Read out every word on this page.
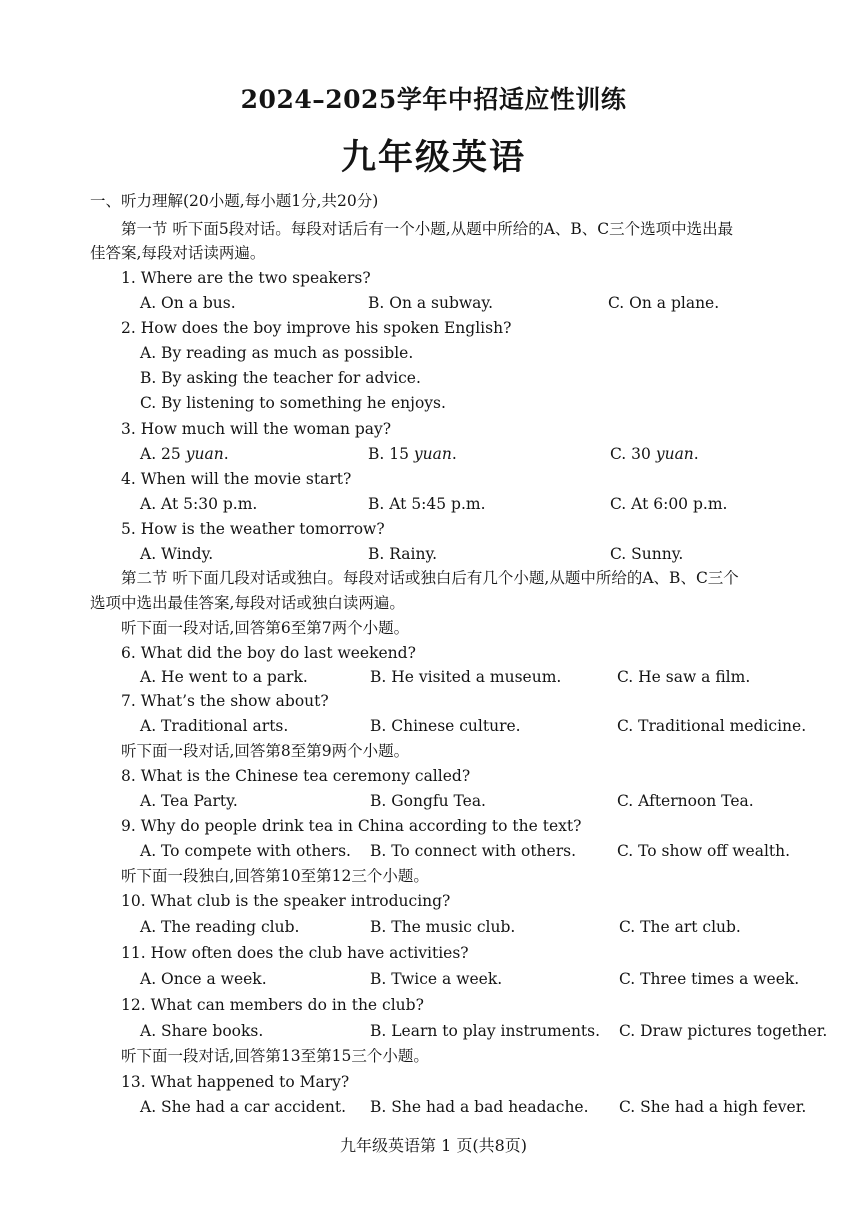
2024–2025学年中招适应性训练
九年级英语
一、听力理解(20小题,每小题1分,共20分)
第一节 听下面5段对话。每段对话后有一个小题,从题中所给的A、B、C三个选项中选出最
佳答案,每段对话读两遍。
1. Where are the two speakers?
A. On a bus.	B. On a subway.	C. On a plane.
2. How does the boy improve his spoken English?
A. By reading as much as possible.
B. By asking the teacher for advice.
C. By listening to something he enjoys.
3. How much will the woman pay?
A. 25 yuan.	B. 15 yuan.	C. 30 yuan.
4. When will the movie start?
A. At 5:30 p.m.	B. At 5:45 p.m.	C. At 6:00 p.m.
5. How is the weather tomorrow?
A. Windy.	B. Rainy.	C. Sunny.
第二节 听下面几段对话或独白。每段对话或独白后有几个小题,从题中所给的A、B、C三个
选项中选出最佳答案,每段对话或独白读两遍。
听下面一段对话,回答第6至第7两个小题。
6. What did the boy do last weekend?
A. He went to a park.	B. He visited a museum.	C. He saw a film.
7. What’s the show about?
A. Traditional arts.	B. Chinese culture.	C. Traditional medicine.
听下面一段对话,回答第8至第9两个小题。
8. What is the Chinese tea ceremony called?
A. Tea Party.	B. Gongfu Tea.	C. Afternoon Tea.
9. Why do people drink tea in China according to the text?
A. To compete with others. B. To connect with others.	C. To show off wealth.
听下面一段独白,回答第10至第12三个小题。
10. What club is the speaker introducing?
A. The reading club.	B. The music club.	C. The art club.
11. How often does the club have activities?
A. Once a week.	B. Twice a week.	C. Three times a week.
12. What can members do in the club?
A. Share books.	B. Learn to play instruments. C. Draw pictures together.
听下面一段对话,回答第13至第15三个小题。
13. What happened to Mary?
A. She had a car accident. B. She had a bad headache. C. She had a high fever.
九年级英语第 1 页(共8页)
